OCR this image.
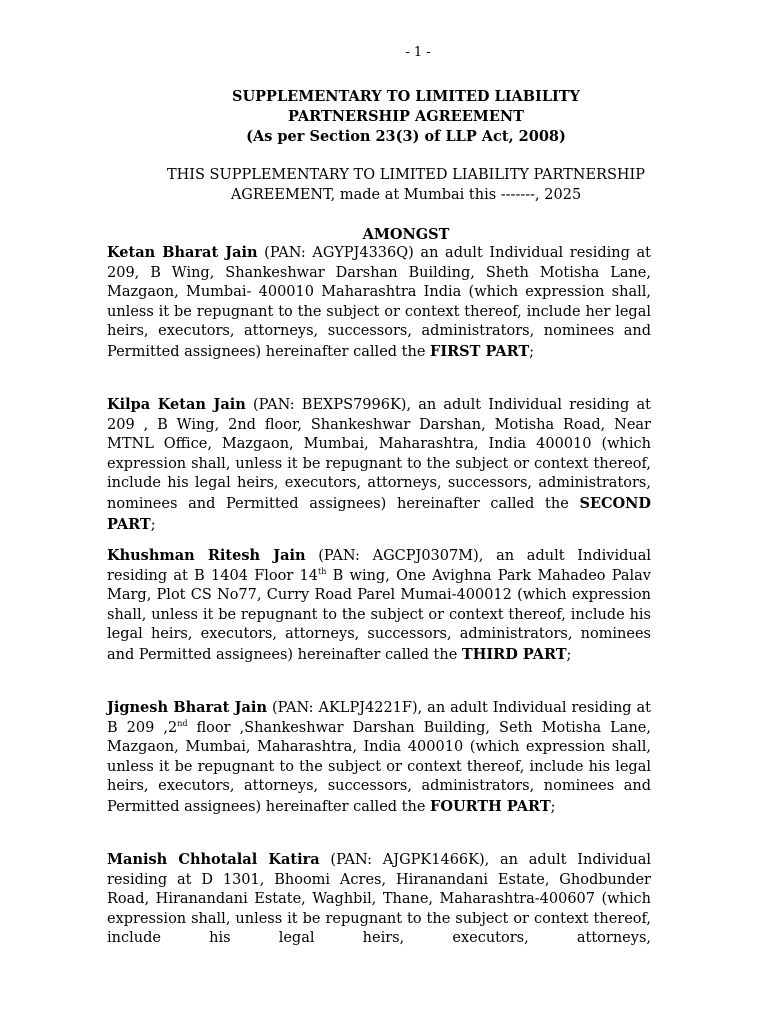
- 1 -
SUPPLEMENTARY TO LIMITED LIABILITY
PARTNERSHIP AGREEMENT
(As per Section 23(3) of LLP Act, 2008)
THIS SUPPLEMENTARY TO LIMITED LIABILITY PARTNERSHIP
AGREEMENT, made at Mumbai this -------, 2025
AMONGST
Ketan Bharat Jain (PAN: AGYPJ4336Q) an adult Individual residing at 209, B Wing, Shankeshwar Darshan Building, Sheth Motisha Lane, Mazgaon, Mumbai- 400010 Maharashtra India (which expression shall, unless it be repugnant to the subject or context thereof, include her legal heirs, executors, attorneys, successors, administrators, nominees and Permitted assignees) hereinafter called the FIRST PART;
Kilpa Ketan Jain (PAN: BEXPS7996K), an adult Individual residing at 209 , B Wing, 2nd floor, Shankeshwar Darshan, Motisha Road, Near MTNL Office, Mazgaon, Mumbai, Maharashtra, India 400010 (which expression shall, unless it be repugnant to the subject or context thereof, include his legal heirs, executors, attorneys, successors, administrators, nominees and Permitted assignees) hereinafter called the SECOND PART;
Khushman Ritesh Jain (PAN: AGCPJ0307M), an adult Individual residing at B 1404 Floor 14th B wing, One Avighna Park Mahadeo Palav Marg, Plot CS No77, Curry Road Parel Mumai-400012 (which expression shall, unless it be repugnant to the subject or context thereof, include his legal heirs, executors, attorneys, successors, administrators, nominees and Permitted assignees) hereinafter called the THIRD PART;
Jignesh Bharat Jain (PAN: AKLPJ4221F), an adult Individual residing at B 209 ,2nd floor ,Shankeshwar Darshan Building, Seth Motisha Lane, Mazgaon, Mumbai, Maharashtra, India 400010 (which expression shall, unless it be repugnant to the subject or context thereof, include his legal heirs, executors, attorneys, successors, administrators, nominees and Permitted assignees) hereinafter called the FOURTH PART;
Manish Chhotalal Katira (PAN: AJGPK1466K), an adult Individual residing at D 1301, Bhoomi Acres, Hiranandani Estate, Ghodbunder Road, Hiranandani Estate, Waghbil, Thane, Maharashtra-400607 (which expression shall, unless it be repugnant to the subject or context thereof, include his legal heirs, executors, attorneys,
